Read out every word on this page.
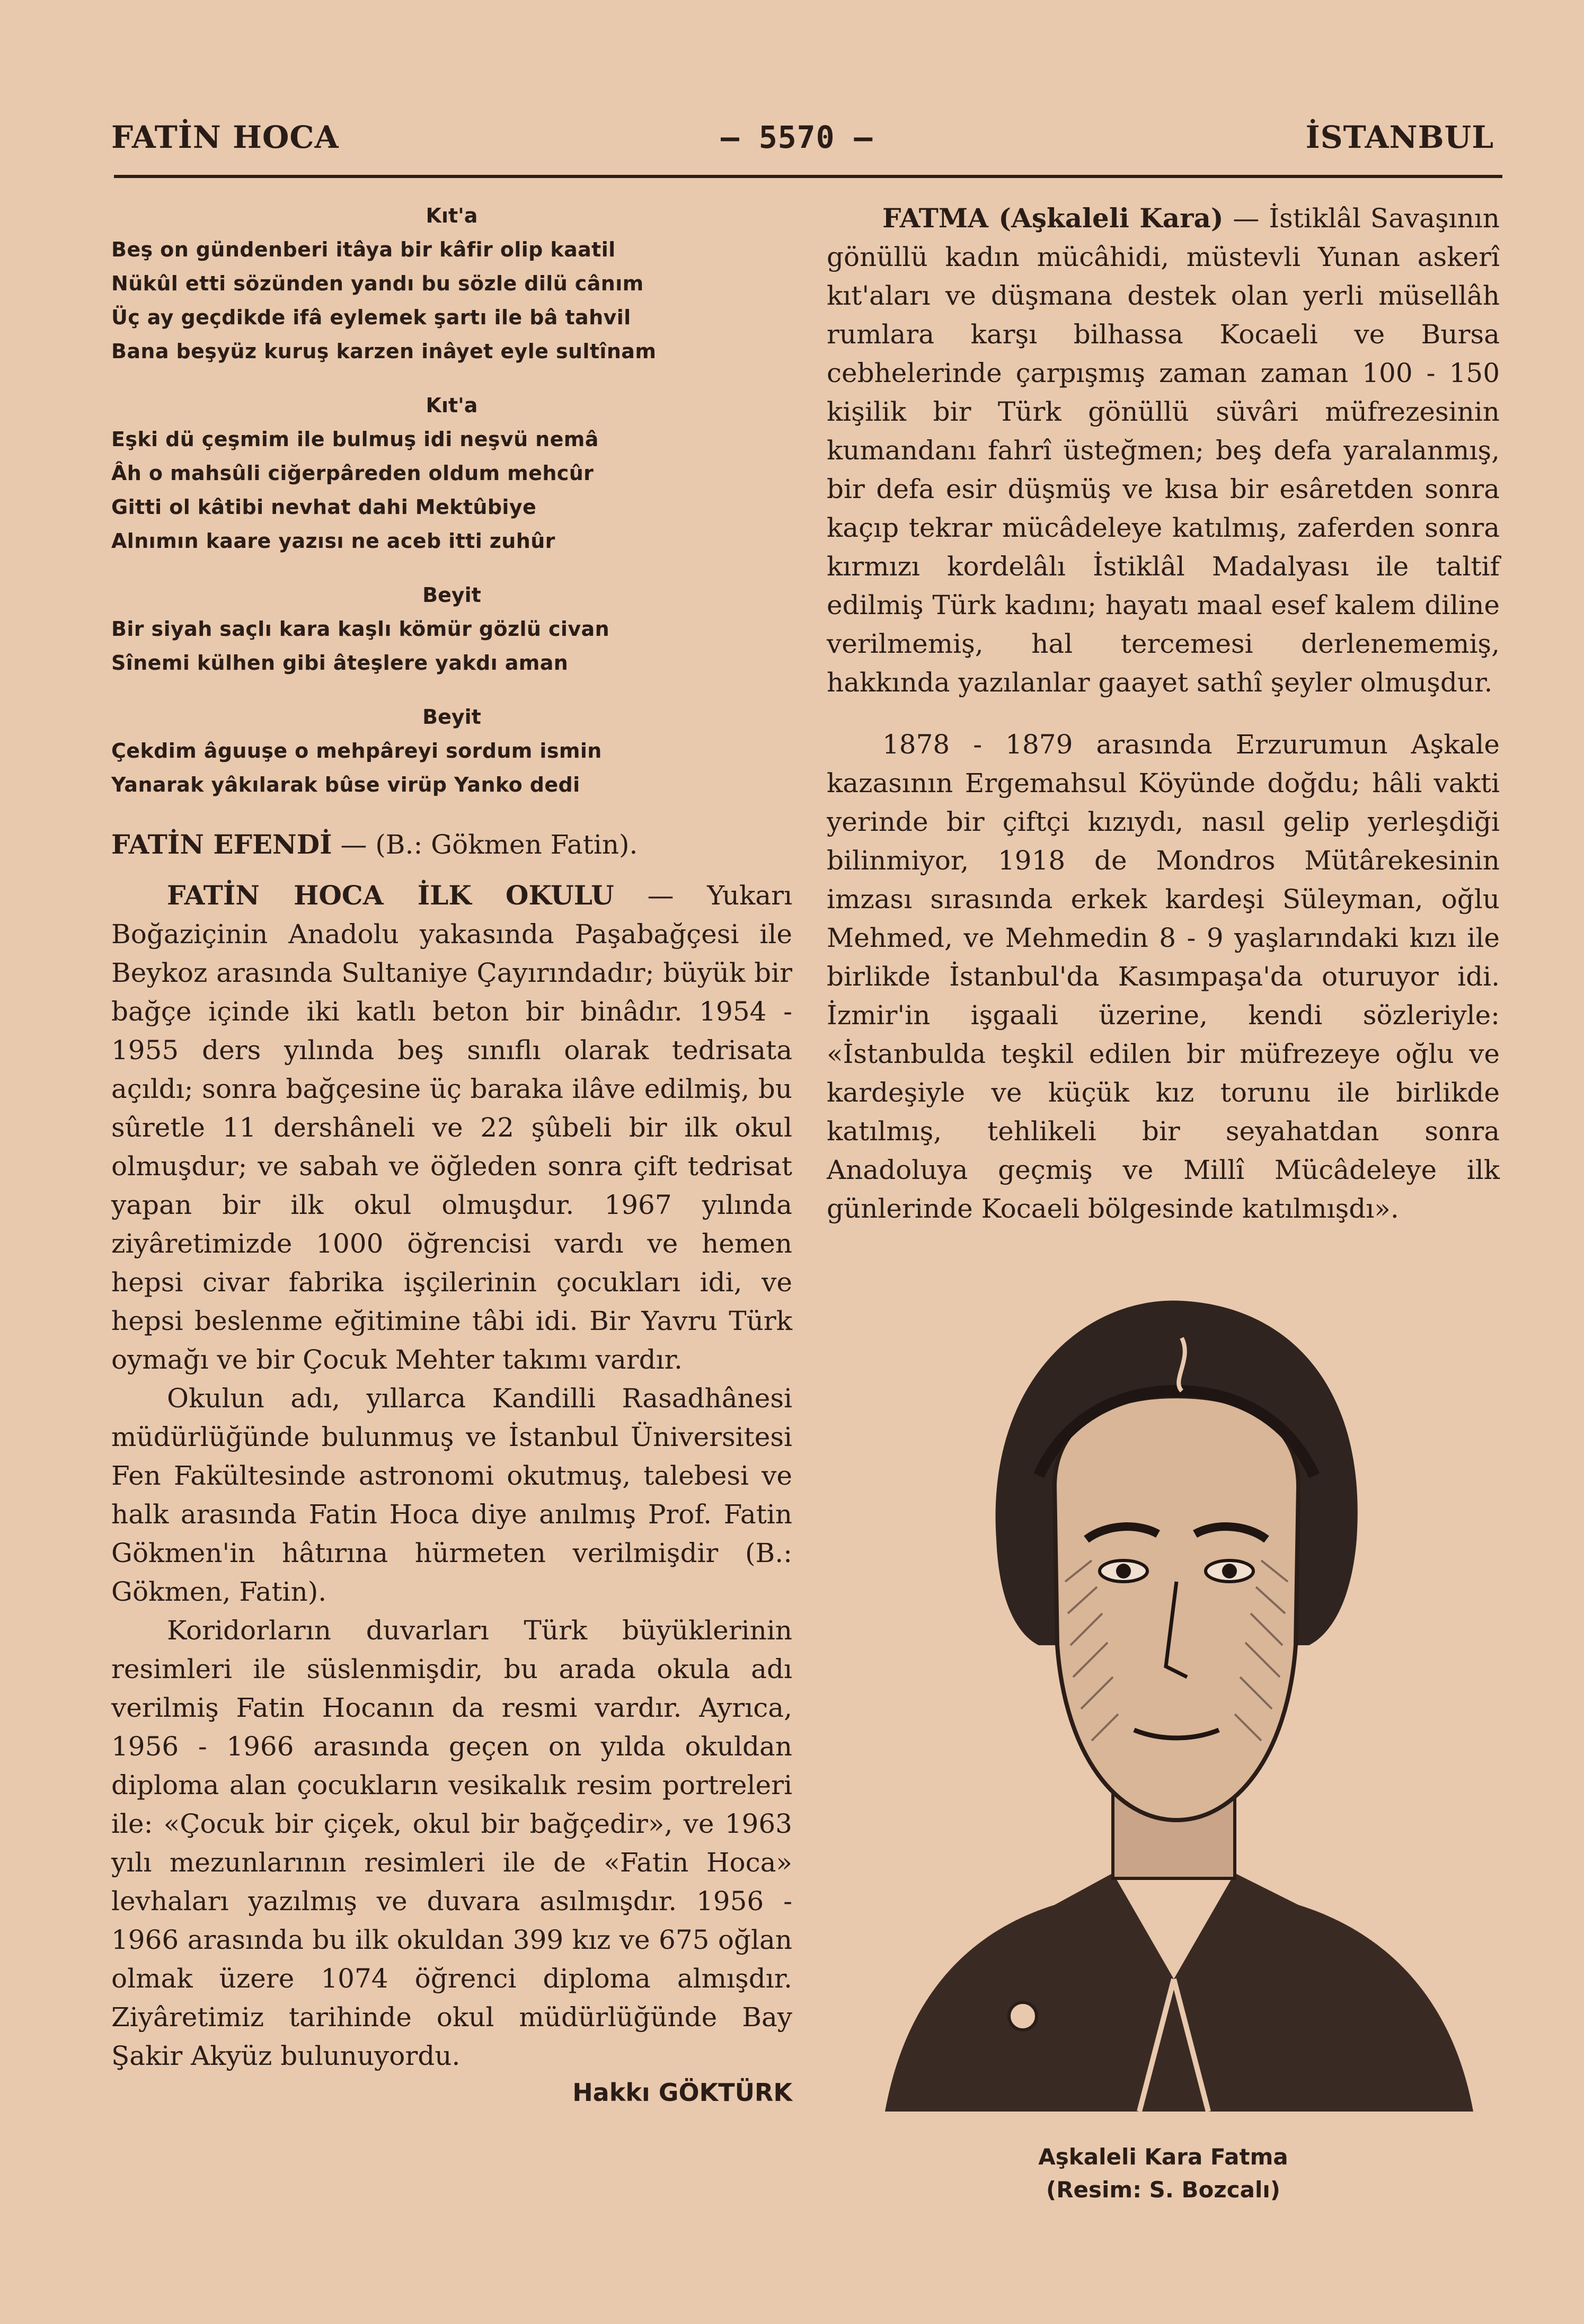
FATİN HOCA	— 5570 —	İSTANBUL
Kıt'a
Beş on gündenberi itâya bir kâfir olip kaatil
Nükûl etti sözünden yandı bu sözle dilü cânım
Üç ay geçdikde ifâ eylemek şartı ile bâ tahvil
Bana beşyüz kuruş karzen inâyet eyle sultînam
Kıt'a
Eşki dü çeşmim ile bulmuş idi neşvü nemâ
Âh o mahsûli ciğerpâreden oldum mehcûr
Gitti ol kâtibi nevhat dahi Mektûbiye
Alnımın kaare yazısı ne aceb itti zuhûr
Beyit
Bir siyah saçlı kara kaşlı kömür gözlü civan
Sînemi külhen gibi âteşlere yakdı aman
Beyit
Çekdim âguuşe o mehpâreyi sordum ismin
Yanarak yâkılarak bûse virüp Yanko dedi

FATİN EFENDİ — (B.: Gökmen Fatin).

FATİN HOCA İLK OKULU — Yukarı Boğaziçinin Anadolu yakasında Paşabağçesi ile Beykoz arasında Sultaniye Çayırındadır; büyük bir bağçe içinde iki katlı beton bir binâdır. 1954 - 1955 ders yılında beş sınıflı olarak tedrisata açıldı; sonra bağçesine üç baraka ilâve edilmiş, bu sûretle 11 dershâneli ve 22 şûbeli bir ilk okul olmuşdur; ve sabah ve öğleden sonra çift tedrisat yapan bir ilk okul olmuşdur. 1967 yılında ziyâretimizde 1000 öğrencisi vardı ve hemen hepsi civar fabrika işçilerinin çocukları idi, ve hepsi beslenme eğitimine tâbi idi. Bir Yavru Türk oymağı ve bir Çocuk Mehter takımı vardır.

Okulun adı, yıllarca Kandilli Rasadhânesi müdürlüğünde bulunmuş ve İstanbul Üniversitesi Fen Fakültesinde astronomi okutmuş, talebesi ve halk arasında Fatin Hoca diye anılmış Prof. Fatin Gökmen'in hâtırına hürmeten verilmişdir (B.: Gökmen, Fatin).

Koridorların duvarları Türk büyüklerinin resimleri ile süslenmişdir, bu arada okula adı verilmiş Fatin Hocanın da resmi vardır. Ayrıca, 1956 - 1966 arasında geçen on yılda okuldan diploma alan çocukların vesikalık resim portreleri ile: «Çocuk bir çiçek, okul bir bağçedir», ve 1963 yılı mezunlarının resimleri ile de «Fatin Hoca» levhaları yazılmış ve duvara asılmışdır. 1956 - 1966 arasında bu ilk okuldan 399 kız ve 675 oğlan olmak üzere 1074 öğrenci diploma almışdır. Ziyâretimiz tarihinde okul müdürlüğünde Bay Şakir Akyüz bulunuyordu.

Hakkı GÖKTÜRK

FATMA (Aşkaleli Kara) — İstiklâl Savaşının gönüllü kadın mücâhidi, müstevli Yunan askerî kıt'aları ve düşmana destek olan yerli müsellâh rumlara karşı bilhassa Kocaeli ve Bursa cebhelerinde çarpışmış zaman zaman 100 - 150 kişilik bir Türk gönüllü süvâri müfrezesinin kumandanı fahrî üsteğmen; beş defa yaralanmış, bir defa esir düşmüş ve kısa bir esâretden sonra kaçıp tekrar mücâdeleye katılmış, zaferden sonra kırmızı kordelâlı İstiklâl Madalyası ile taltif edilmiş Türk kadını; hayatı maal esef kalem diline verilmemiş, hal tercemesi derlenememiş, hakkında yazılanlar gaayet sathî şeyler olmuşdur.

1878 - 1879 arasında Erzurumun Aşkale kazasının Ergemahsul Köyünde doğdu; hâli vakti yerinde bir çiftçi kızıydı, nasıl gelip yerleşdiği bilinmiyor, 1918 de Mondros Mütârekesinin imzası sırasında erkek kardeşi Süleyman, oğlu Mehmed, ve Mehmedin 8 - 9 yaşlarındaki kızı ile birlikde İstanbul'da Kasımpaşa'da oturuyor idi. İzmir'in işgaali üzerine, kendi sözleriyle: «İstanbulda teşkil edilen bir müfrezeye oğlu ve kardeşiyle ve küçük kız torunu ile birlikde katılmış, tehlikeli bir seyahatdan sonra Anadoluya geçmiş ve Millî Mücâdeleye ilk günlerinde Kocaeli bölgesinde katılmışdı».

Aşkaleli Kara Fatma
(Resim: S. Bozcalı)
